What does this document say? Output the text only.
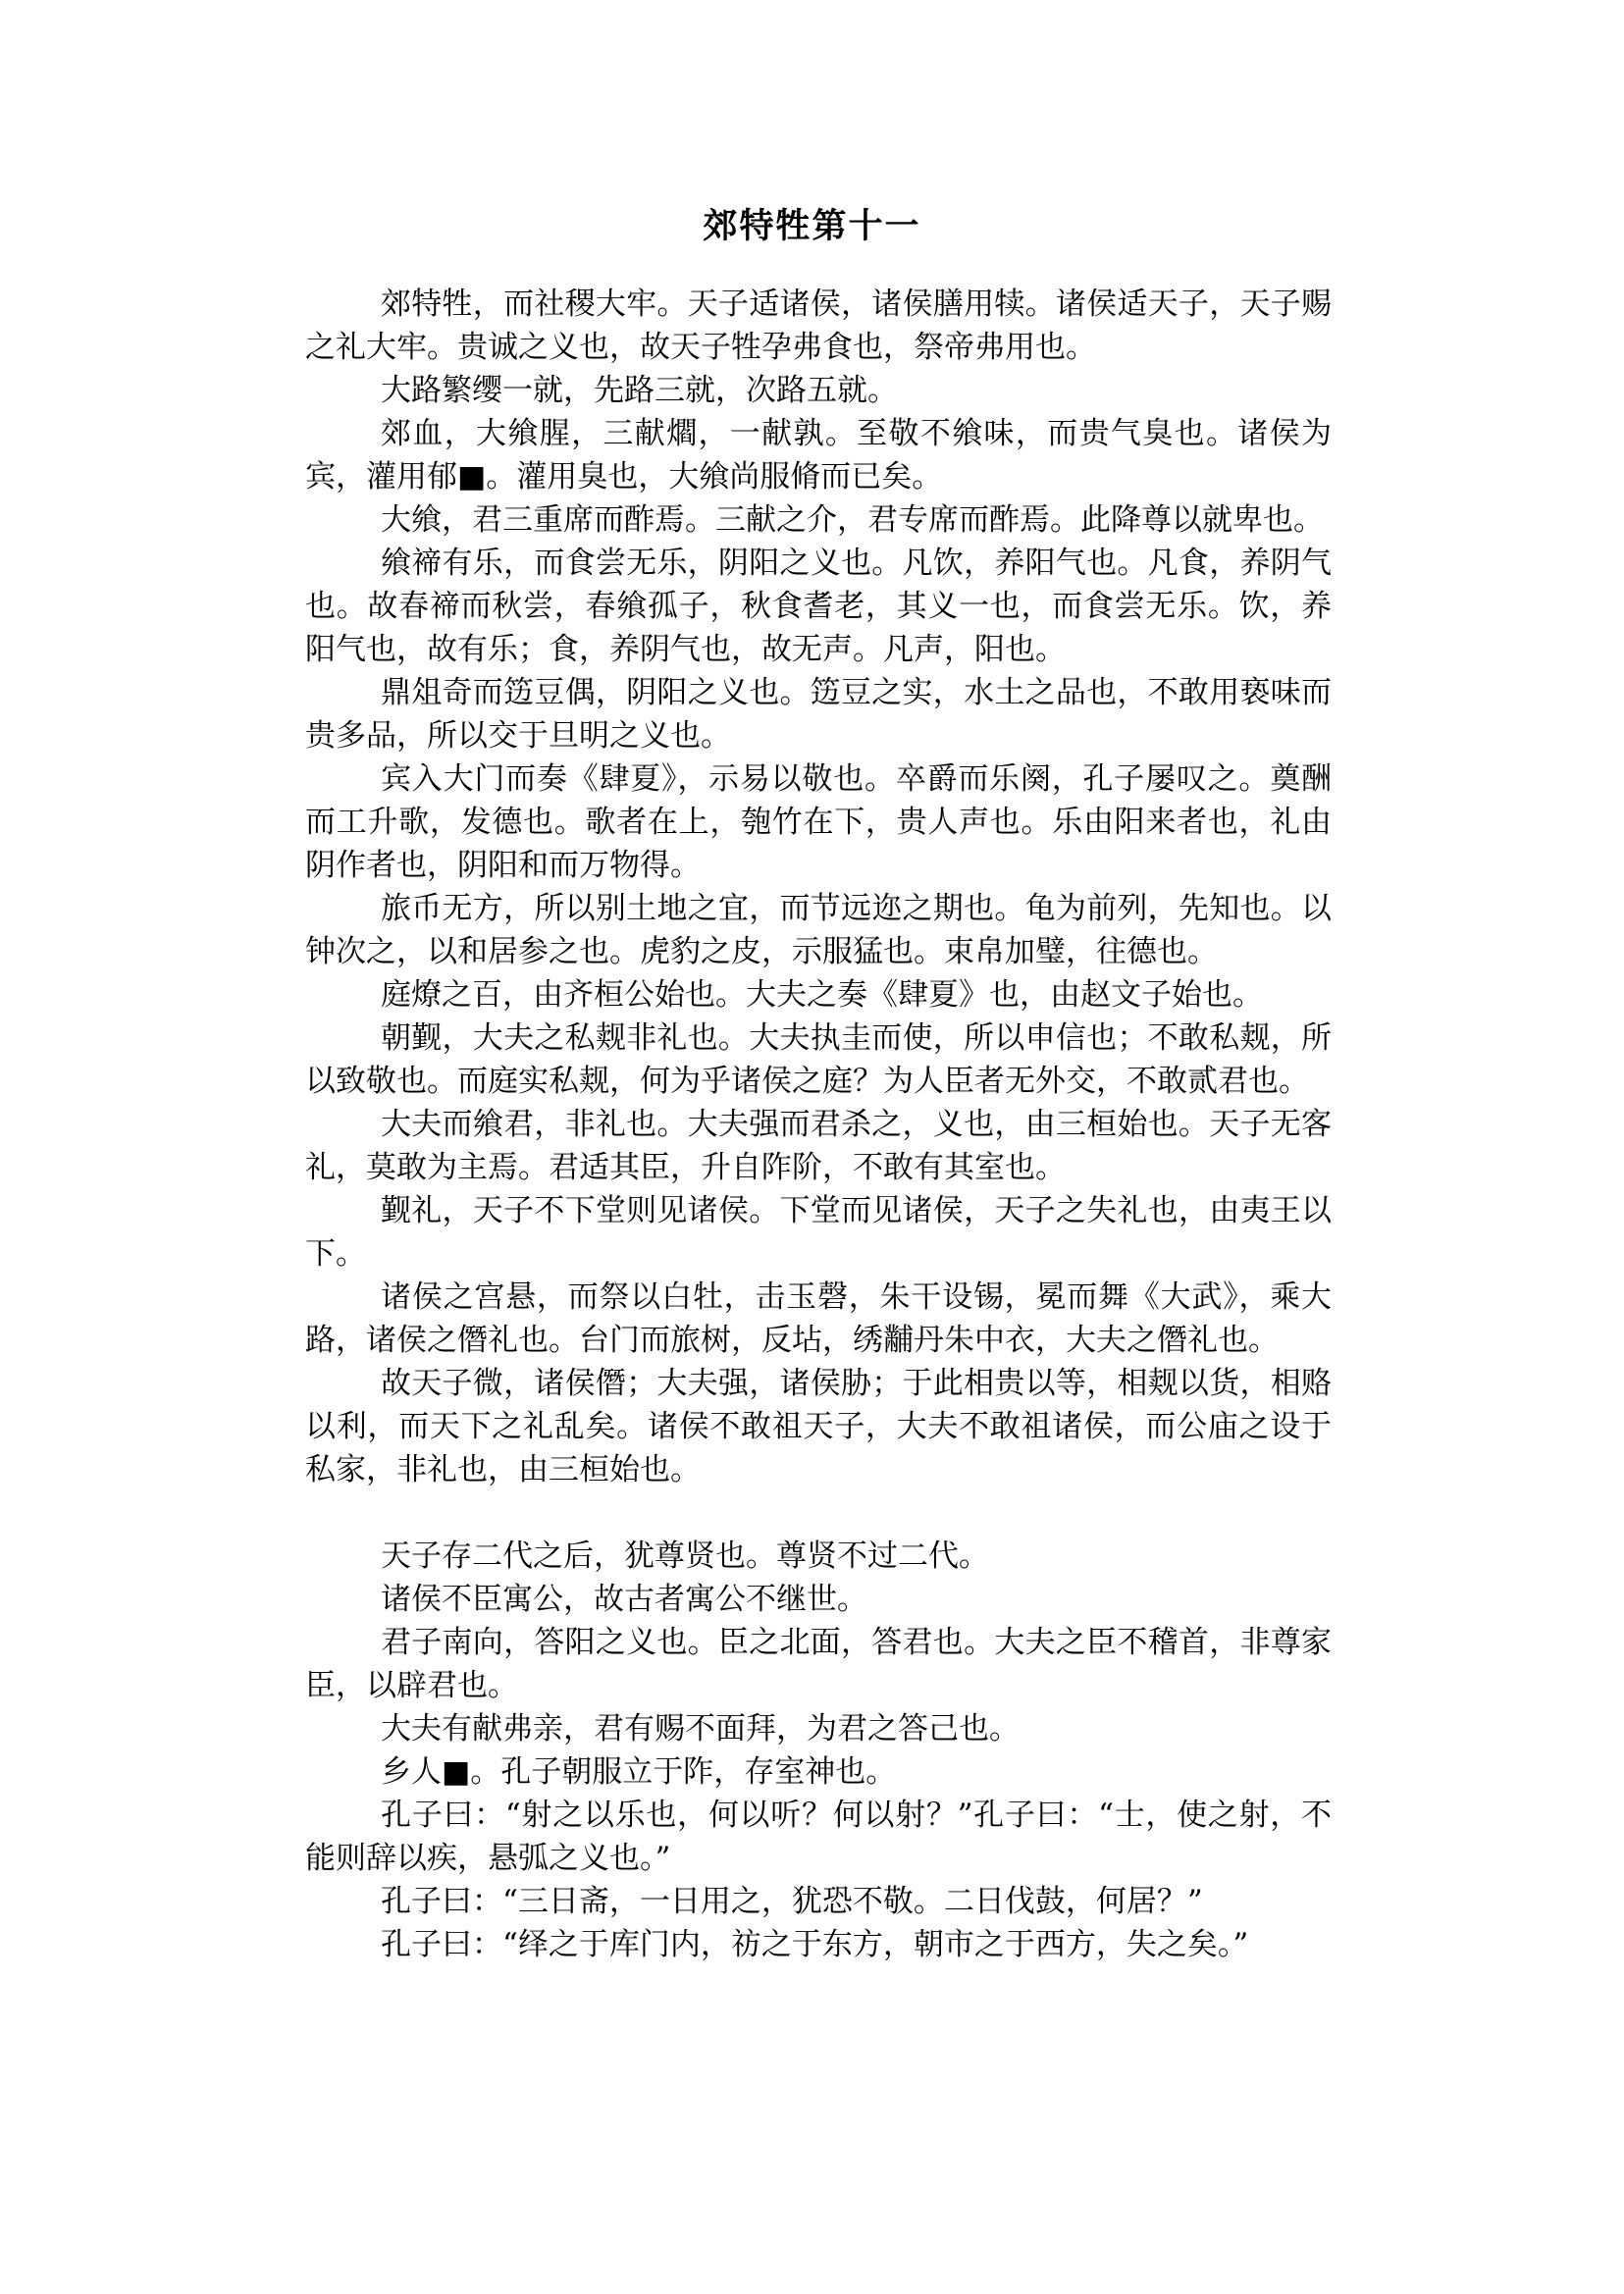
郊特牲第十一

郊特牲，而社稷大牢。天子适诸侯，诸侯膳用犊。诸侯适天子，天子赐之礼大牢。贵诚之义也，故天子牲孕弗食也，祭帝弗用也。

大路繁缨一就，先路三就，次路五就。

郊血，大飨腥，三献爓，一献孰。至敬不飨味，而贵气臭也。诸侯为宾，灌用郁■。灌用臭也，大飨尚服脩而已矣。

大飨，君三重席而酢焉。三献之介，君专席而酢焉。此降尊以就卑也。

飨禘有乐，而食尝无乐，阴阳之义也。凡饮，养阳气也。凡食，养阴气也。故春禘而秋尝，春飨孤子，秋食耆老，其义一也，而食尝无乐。饮，养阳气也，故有乐；食，养阴气也，故无声。凡声，阳也。

鼎俎奇而笾豆偶，阴阳之义也。笾豆之实，水土之品也，不敢用亵味而贵多品，所以交于旦明之义也。

宾入大门而奏《肆夏》，示易以敬也。卒爵而乐阕，孔子屡叹之。奠酬而工升歌，发德也。歌者在上，匏竹在下，贵人声也。乐由阳来者也，礼由阴作者也，阴阳和而万物得。

旅币无方，所以别土地之宜，而节远迩之期也。龟为前列，先知也。以钟次之，以和居参之也。虎豹之皮，示服猛也。束帛加璧，往德也。

庭燎之百，由齐桓公始也。大夫之奏《肆夏》也，由赵文子始也。

朝觐，大夫之私觌非礼也。大夫执圭而使，所以申信也；不敢私觌，所以致敬也。而庭实私觌，何为乎诸侯之庭？为人臣者无外交，不敢贰君也。

大夫而飨君，非礼也。大夫强而君杀之，义也，由三桓始也。天子无客礼，莫敢为主焉。君适其臣，升自阼阶，不敢有其室也。

觐礼，天子不下堂则见诸侯。下堂而见诸侯，天子之失礼也，由夷王以下。

诸侯之宫悬，而祭以白牡，击玉磬，朱干设锡，冕而舞《大武》，乘大路，诸侯之僭礼也。台门而旅树，反坫，绣黼丹朱中衣，大夫之僭礼也。

故天子微，诸侯僭；大夫强，诸侯胁；于此相贵以等，相觌以货，相赂以利，而天下之礼乱矣。诸侯不敢祖天子，大夫不敢祖诸侯，而公庙之设于私家，非礼也，由三桓始也。

天子存二代之后，犹尊贤也。尊贤不过二代。

诸侯不臣寓公，故古者寓公不继世。

君子南向，答阳之义也。臣之北面，答君也。大夫之臣不稽首，非尊家臣，以辟君也。

大夫有献弗亲，君有赐不面拜，为君之答己也。

乡人■。孔子朝服立于阼，存室神也。

孔子曰：“射之以乐也，何以听？何以射？”孔子曰：“士，使之射，不能则辞以疾，悬弧之义也。”

孔子曰：“三日斋，一日用之，犹恐不敬。二日伐鼓，何居？”

孔子曰：“绎之于库门内，祊之于东方，朝市之于西方，失之矣。”
